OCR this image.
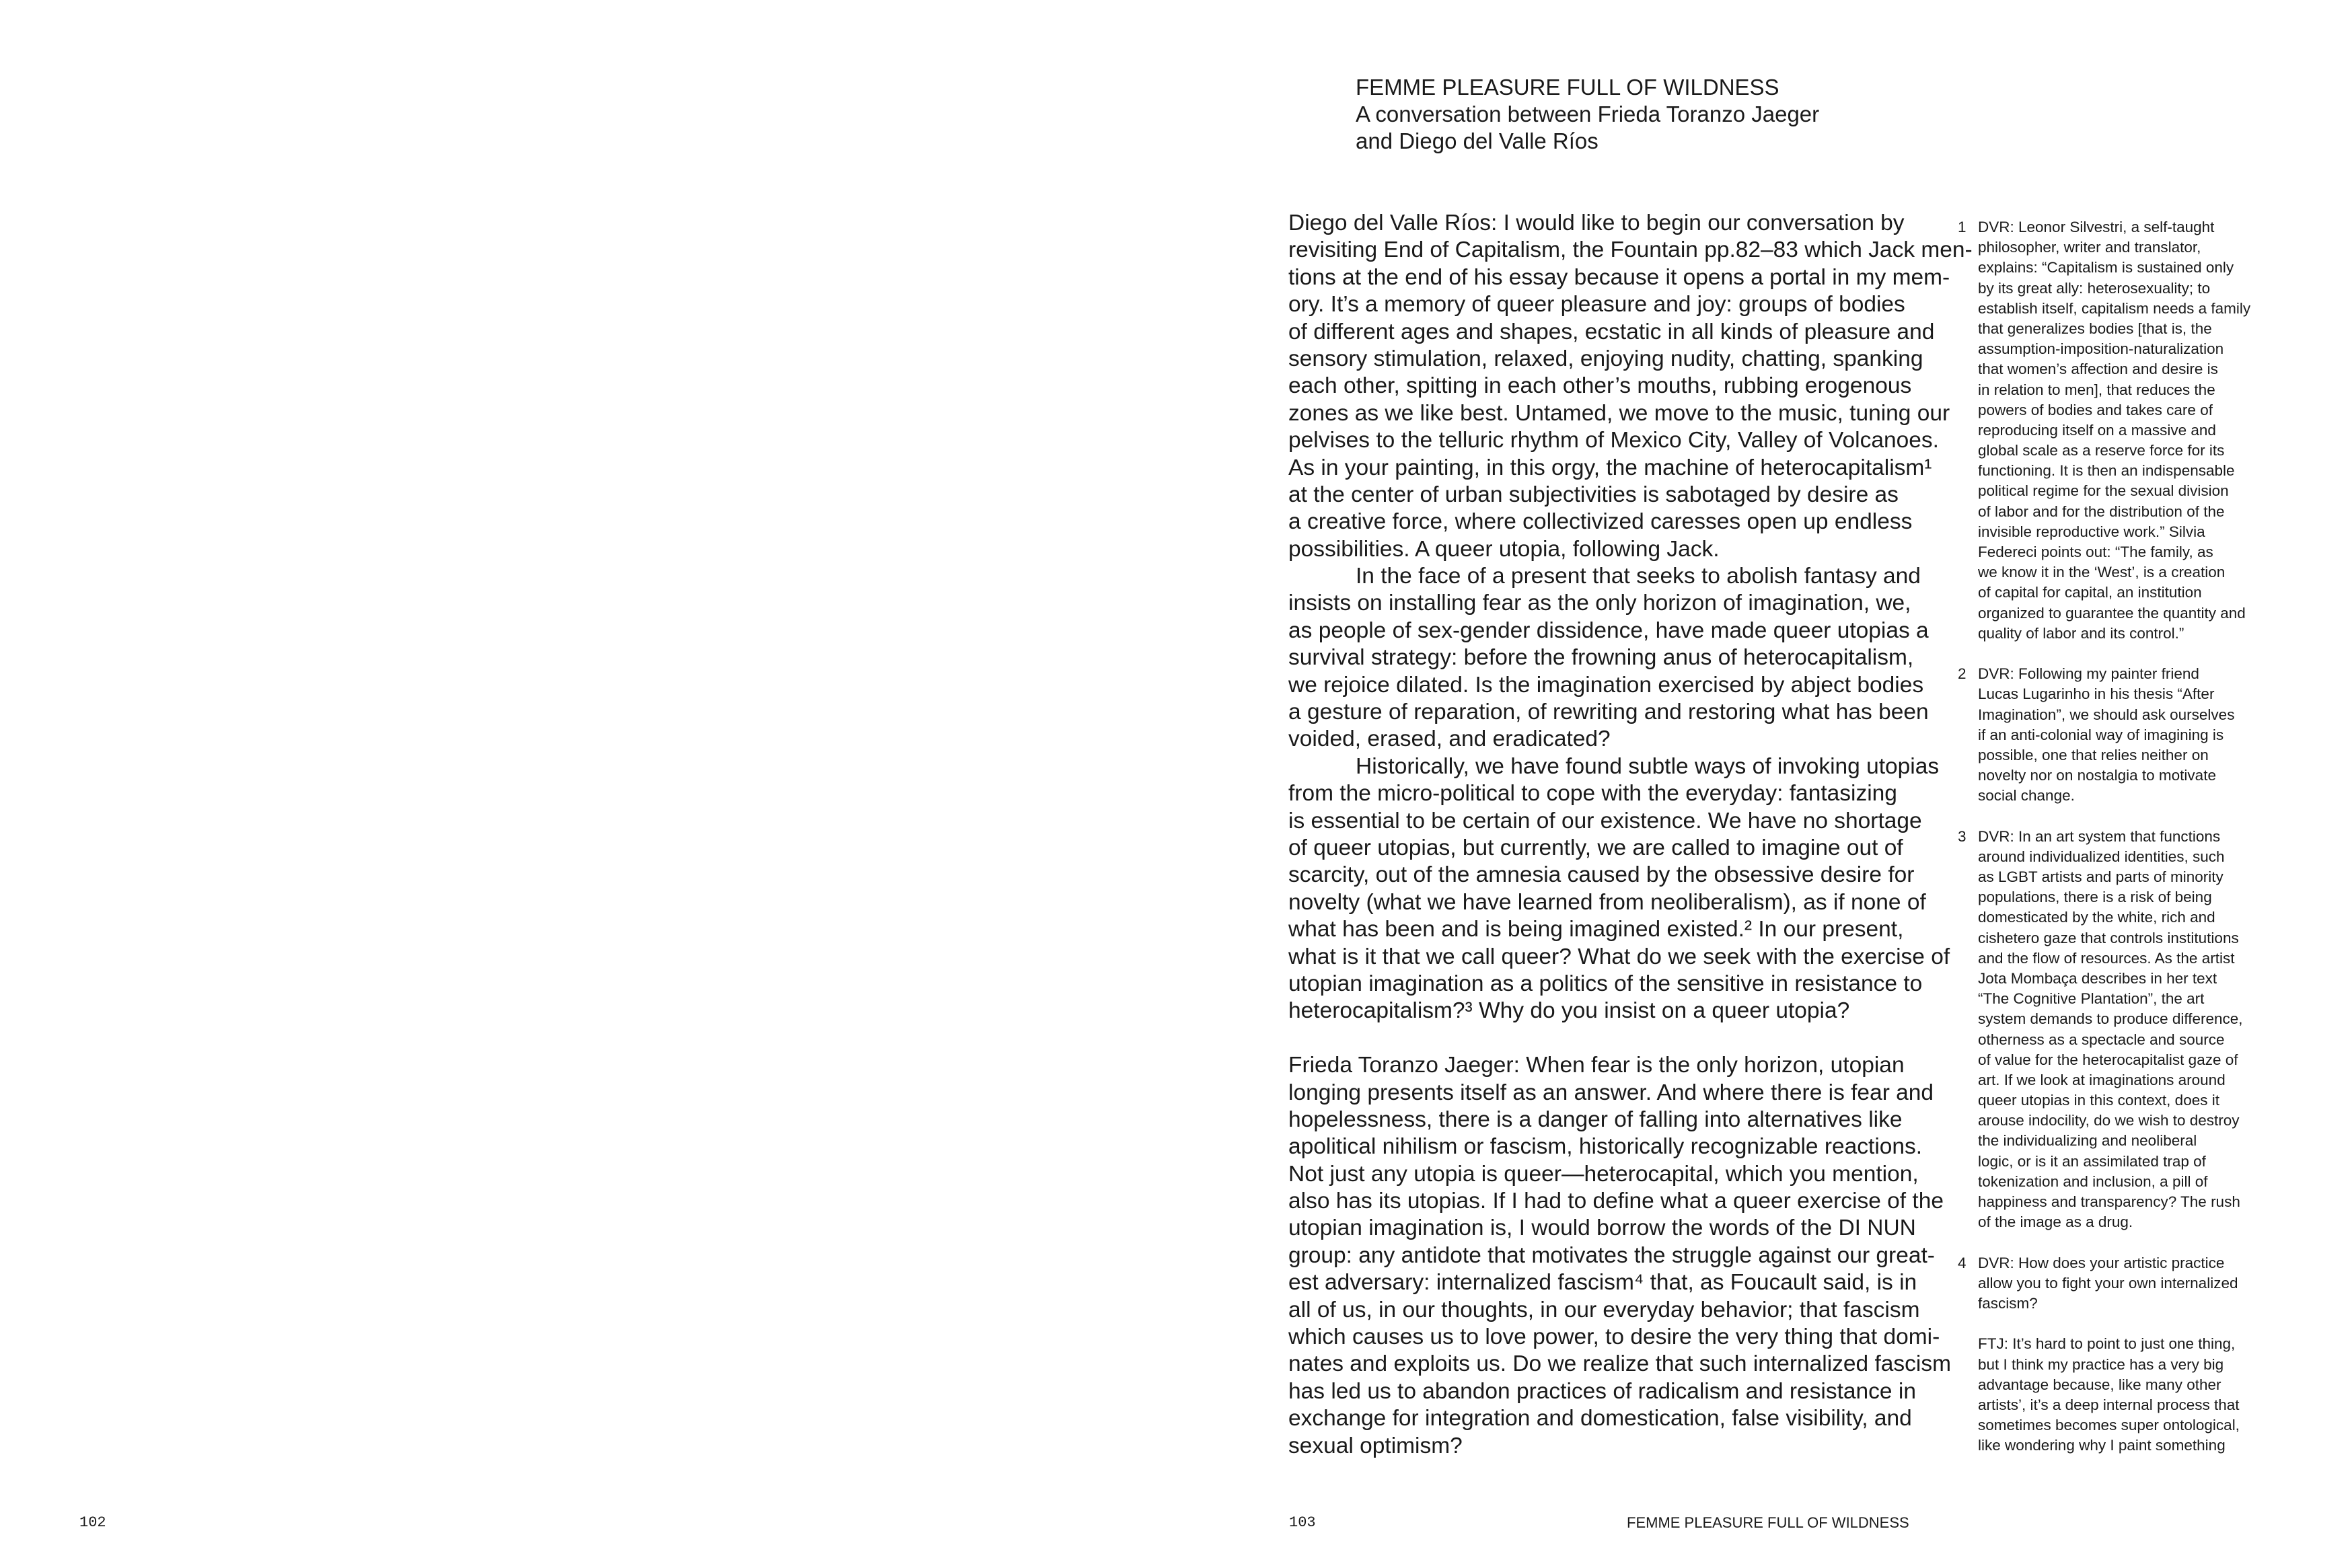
FEMME PLEASURE FULL OF WILDNESS
A conversation between Frieda Toranzo Jaeger
and Diego del Valle Ríos
Diego del Valle Ríos: I would like to begin our conversation by
revisiting End of Capitalism, the Fountain pp.82–83 which Jack men-
tions at the end of his essay because it opens a portal in my mem-
ory. It’s a memory of queer pleasure and joy: groups of bodies
of different ages and shapes, ecstatic in all kinds of pleasure and
sensory stimulation, relaxed, enjoying nudity, chatting, spanking
each other, spitting in each other’s mouths, rubbing erogenous
zones as we like best. Untamed, we move to the music, tuning our
pelvises to the telluric rhythm of Mexico City, Valley of Volcanoes.
As in your painting, in this orgy, the machine of heterocapitalism¹
at the center of urban subjectivities is sabotaged by desire as
a creative force, where collectivized caresses open up endless
possibilities. A queer utopia, following Jack.
In the face of a present that seeks to abolish fantasy and
insists on installing fear as the only horizon of imagination, we,
as people of sex-gender dissidence, have made queer utopias a
survival strategy: before the frowning anus of heterocapitalism,
we rejoice dilated. Is the imagination exercised by abject bodies
a gesture of reparation, of rewriting and restoring what has been
voided, erased, and eradicated?
Historically, we have found subtle ways of invoking utopias
from the micro-political to cope with the everyday: fantasizing
is essential to be certain of our existence. We have no shortage
of queer utopias, but currently, we are called to imagine out of
scarcity, out of the amnesia caused by the obsessive desire for
novelty (what we have learned from neoliberalism), as if none of
what has been and is being imagined existed.² In our present,
what is it that we call queer? What do we seek with the exercise of
utopian imagination as a politics of the sensitive in resistance to
heterocapitalism?³ Why do you insist on a queer utopia?
Frieda Toranzo Jaeger: When fear is the only horizon, utopian
longing presents itself as an answer. And where there is fear and
hopelessness, there is a danger of falling into alternatives like
apolitical nihilism or fascism, historically recognizable reactions.
Not just any utopia is queer—heterocapital, which you mention,
also has its utopias. If I had to define what a queer exercise of the
utopian imagination is, I would borrow the words of the DI NUN
group: any antidote that motivates the struggle against our great-
est adversary: internalized fascism⁴ that, as Foucault said, is in
all of us, in our thoughts, in our everyday behavior; that fascism
which causes us to love power, to desire the very thing that domi-
nates and exploits us. Do we realize that such internalized fascism
has led us to abandon practices of radicalism and resistance in
exchange for integration and domestication, false visibility, and
sexual optimism?
1 DVR: Leonor Silvestri, a self-taught
philosopher, writer and translator,
explains: “Capitalism is sustained only
by its great ally: heterosexuality; to
establish itself, capitalism needs a family
that generalizes bodies [that is, the
assumption-imposition-naturalization
that women’s affection and desire is
in relation to men], that reduces the
powers of bodies and takes care of
reproducing itself on a massive and
global scale as a reserve force for its
functioning. It is then an indispensable
political regime for the sexual division
of labor and for the distribution of the
invisible reproductive work.” Silvia
Federeci points out: “The family, as
we know it in the ‘West’, is a creation
of capital for capital, an institution
organized to guarantee the quantity and
quality of labor and its control.”
2 DVR: Following my painter friend
Lucas Lugarinho in his thesis “After
Imagination”, we should ask ourselves
if an anti-colonial way of imagining is
possible, one that relies neither on
novelty nor on nostalgia to motivate
social change.
3 DVR: In an art system that functions
around individualized identities, such
as LGBT artists and parts of minority
populations, there is a risk of being
domesticated by the white, rich and
cishetero gaze that controls institutions
and the flow of resources. As the artist
Jota Mombaça describes in her text
“The Cognitive Plantation”, the art
system demands to produce difference,
otherness as a spectacle and source
of value for the heterocapitalist gaze of
art. If we look at imaginations around
queer utopias in this context, does it
arouse indocility, do we wish to destroy
the individualizing and neoliberal
logic, or is it an assimilated trap of
tokenization and inclusion, a pill of
happiness and transparency? The rush
of the image as a drug.
4 DVR: How does your artistic practice
allow you to fight your own internalized
fascism?
FTJ: It’s hard to point to just one thing,
but I think my practice has a very big
advantage because, like many other
artists’, it’s a deep internal process that
sometimes becomes super ontological,
like wondering why I paint something
102	103	FEMME PLEASURE FULL OF WILDNESS
